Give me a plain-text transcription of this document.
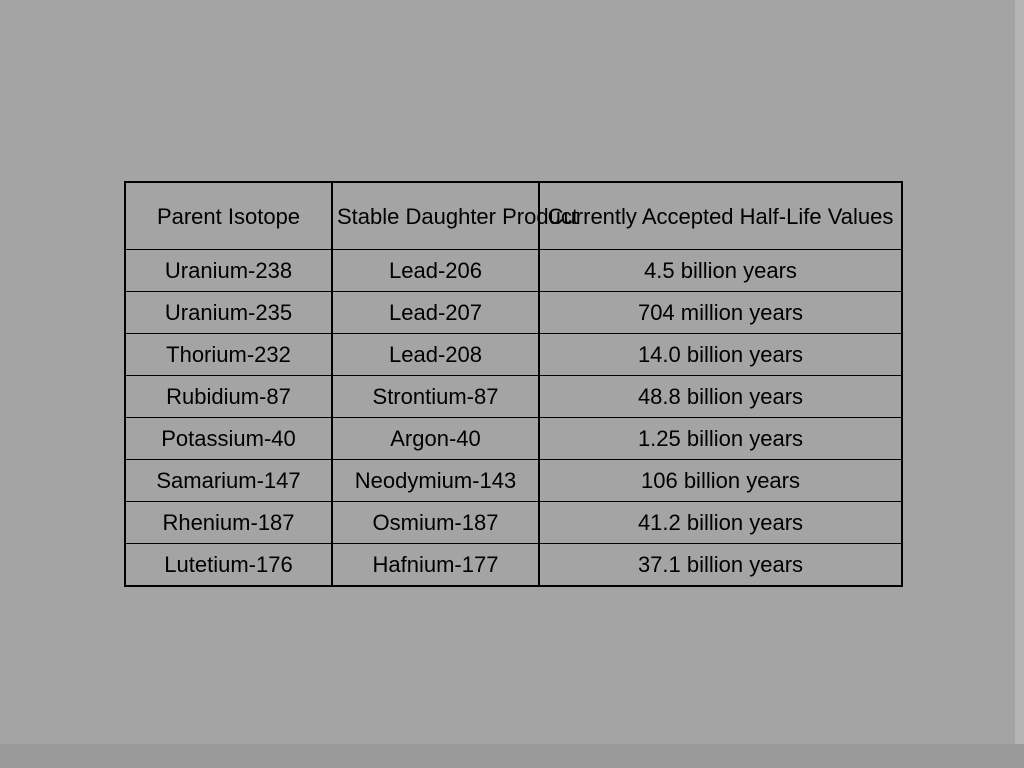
Parent Isotope	Stable Daughter Product	Currently Accepted Half-Life Values
Uranium-238	Lead-206	4.5 billion years
Uranium-235	Lead-207	704 million years
Thorium-232	Lead-208	14.0 billion years
Rubidium-87	Strontium-87	48.8 billion years
Potassium-40	Argon-40	1.25 billion years
Samarium-147	Neodymium-143	106 billion years
Rhenium-187	Osmium-187	41.2 billion years
Lutetium-176	Hafnium-177	37.1 billion years
